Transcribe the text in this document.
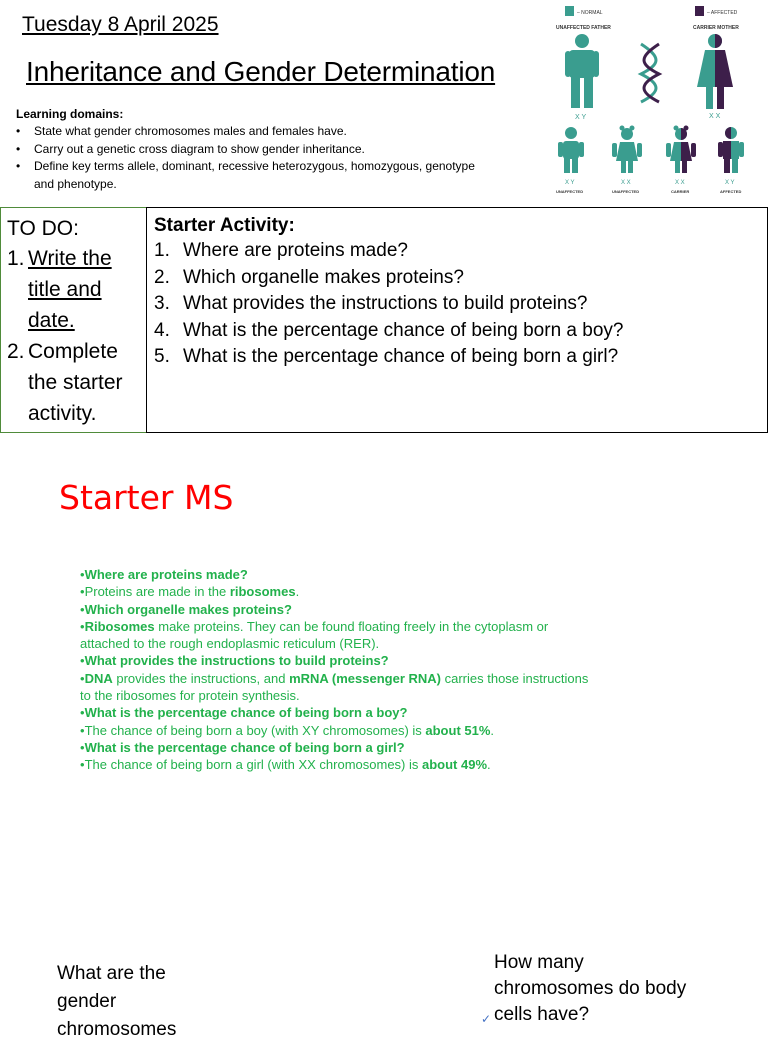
Tuesday 8 April 2025
Inheritance and Gender Determination
Learning domains:
• State what gender chromosomes males and females have.
• Carry out a genetic cross diagram to show gender inheritance.
• Define key terms allele, dominant, recessive heterozygous, homozygous, genotype and phenotype.
– NORMAL	– AFFECTED
UNAFFECTED FATHER	CARRIER MOTHER
X Y	X X
X Y	X X	X X	X Y
UNAFFECTED	UNAFFECTED	CARRIER	AFFECTED
TO DO:
1. Write the title and date.
2. Complete the starter activity.
Starter Activity:
1. Where are proteins made?
2. Which organelle makes proteins?
3. What provides the instructions to build proteins?
4. What is the percentage chance of being born a boy?
5. What is the percentage chance of being born a girl?
Starter MS

•Where are proteins made?

•Proteins are made in the ribosomes.

•Which organelle makes proteins?

•Ribosomes make proteins. They can be found floating freely in the cytoplasm or attached to the rough endoplasmic reticulum (RER).

•What provides the instructions to build proteins?

•DNA provides the instructions, and mRNA (messenger RNA) carries those instructions to the ribosomes for protein synthesis.

•What is the percentage chance of being born a boy?

•The chance of being born a boy (with XY chromosomes) is about 51%.

•What is the percentage chance of being born a girl?

•The chance of being born a girl (with XX chromosomes) is about 49%.

What are the gender chromosomes
How many chromosomes do body cells have?
✓
